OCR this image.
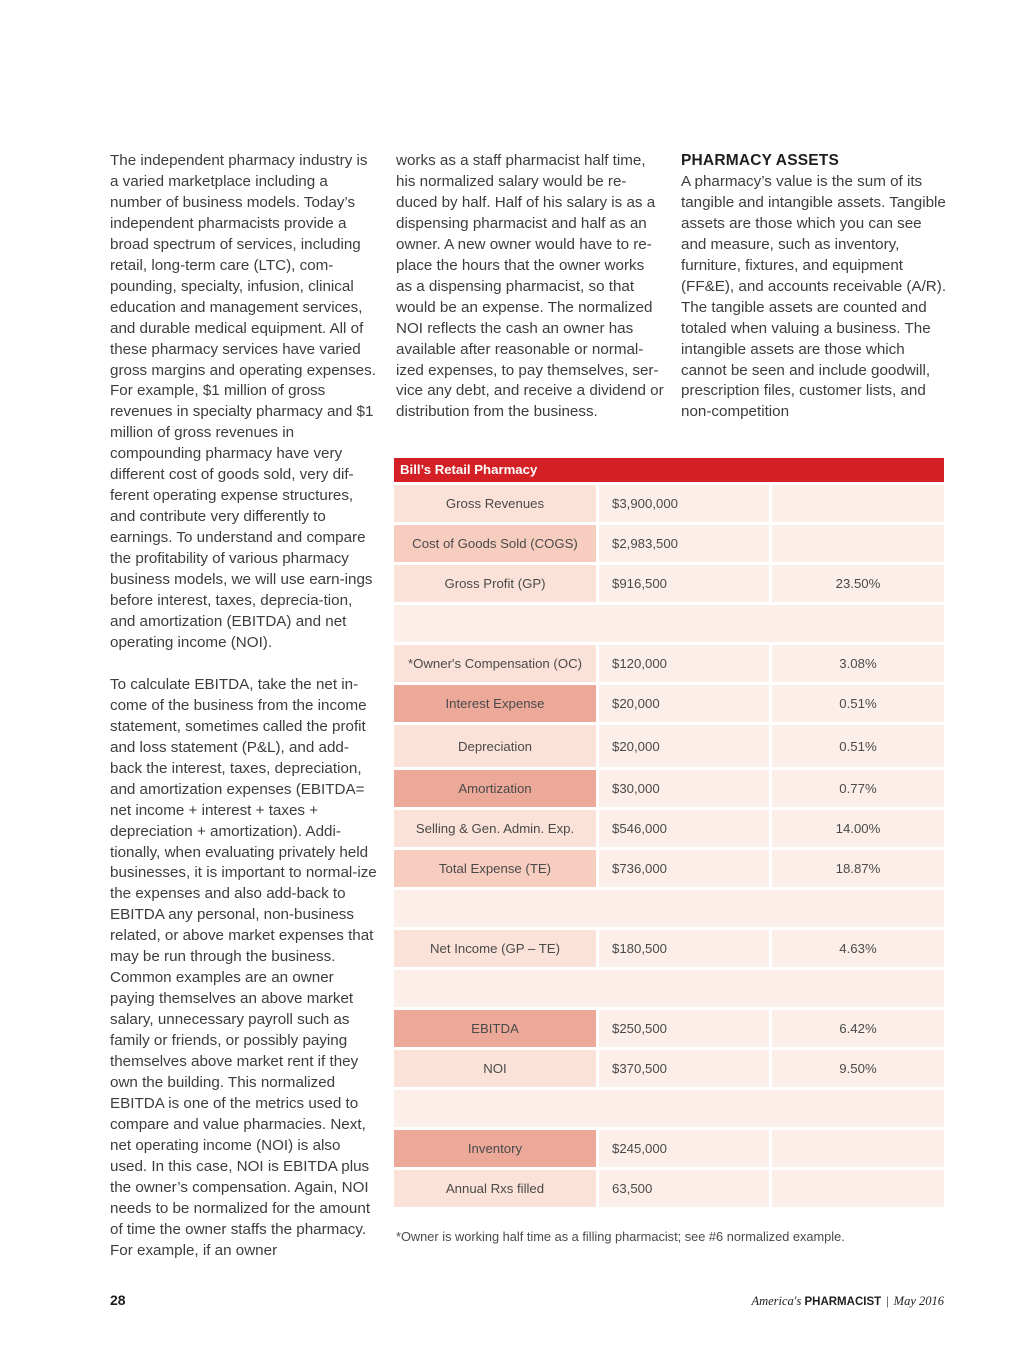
The independent pharmacy industry is a varied marketplace including a number of business models. Today’s independent pharmacists provide a broad spectrum of services, including retail, long-term care (LTC), com-pounding, specialty, infusion, clinical education and management services, and durable medical equipment. All of these pharmacy services have varied gross margins and operating expenses. For example, $1 million of gross revenues in specialty pharmacy and $1 million of gross revenues in compounding pharmacy have very different cost of goods sold, very dif-ferent operating expense structures, and contribute very differently to earnings. To understand and compare the profitability of various pharmacy business models, we will use earn-ings before interest, taxes, deprecia-tion, and amortization (EBITDA) and net operating income (NOI).

To calculate EBITDA, take the net in-come of the business from the income statement, sometimes called the profit and loss statement (P&L), and add-back the interest, taxes, depreciation, and amortization expenses (EBITDA= net income + interest + taxes + depreciation + amortization). Addi-tionally, when evaluating privately held businesses, it is important to normal-ize the expenses and also add-back to EBITDA any personal, non-business related, or above market expenses that may be run through the business. Common examples are an owner paying themselves an above market salary, unnecessary payroll such as family or friends, or possibly paying themselves above market rent if they own the building. This normalized EBITDA is one of the metrics used to compare and value pharmacies. Next, net operating income (NOI) is also used. In this case, NOI is EBITDA plus the owner’s compensation. Again, NOI needs to be normalized for the amount of time the owner staffs the pharmacy. For example, if an owner

works as a staff pharmacist half time, his normalized salary would be re-duced by half. Half of his salary is as a dispensing pharmacist and half as an owner. A new owner would have to re-place the hours that the owner works as a dispensing pharmacist, so that would be an expense. The normalized NOI reflects the cash an owner has available after reasonable or normal-ized expenses, to pay themselves, ser-vice any debt, and receive a dividend or distribution from the business.

PHARMACY ASSETS

A pharmacy’s value is the sum of its tangible and intangible assets. Tangible assets are those which you can see and measure, such as inventory, furniture, fixtures, and equipment (FF&E), and accounts receivable (A/R). The tangible assets are counted and totaled when valuing a business. The intangible assets are those which cannot be seen and include goodwill, prescription files, customer lists, and non-competition

Bill’s Retail Pharmacy
Gross Revenues	$3,900,000
Cost of Goods Sold (COGS)	$2,983,500
Gross Profit (GP)	$916,500	23.50%
*Owner's Compensation (OC)	$120,000	3.08%
Interest Expense	$20,000	0.51%
Depreciation	$20,000	0.51%
Amortization	$30,000	0.77%
Selling & Gen. Admin. Exp.	$546,000	14.00%
Total Expense (TE)	$736,000	18.87%
Net Income (GP – TE)	$180,500	4.63%
EBITDA	$250,500	6.42%
NOI	$370,500	9.50%
Inventory	$245,000
Annual Rxs filled	63,500
*Owner is working half time as a filling pharmacist; see #6 normalized example.
28	America's PHARMACIST | May 2016
